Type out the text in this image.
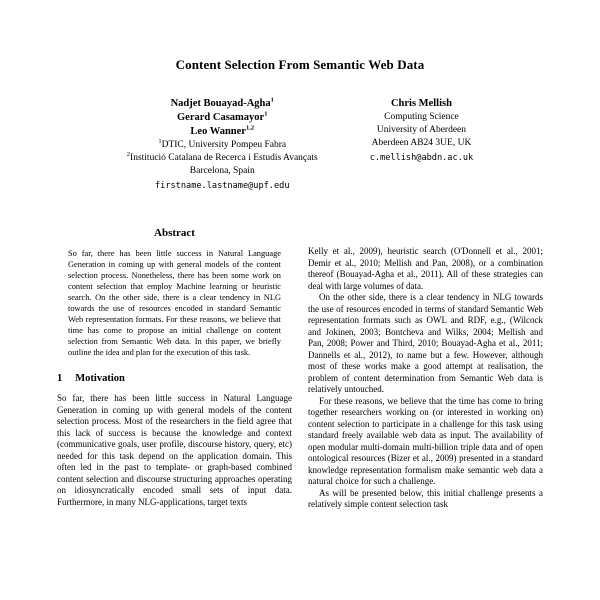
Content Selection From Semantic Web Data
Nadjet Bouayad-Agha$^1$
Gerard Casamayor$^1$
Leo Wanner$^{1,2}$
$^1$DTIC, University Pompeu Fabra
$^2$Institució Catalana de Recerca i Estudis Avançats
Barcelona, Spain
firstname.lastname@upf.edu
Chris Mellish
Computing Science
University of Aberdeen
Aberdeen AB24 3UE, UK
c.mellish@abdn.ac.uk
Abstract
So far, there has been little success in Natural Language Generation in coming up with general models of the content selection process. Nonetheless, there has been some work on content selection that employ Machine learning or heuristic search. On the other side, there is a clear tendency in NLG towards the use of resources encoded in standard Semantic Web representation formats. For these reasons, we believe that time has come to propose an initial challenge on content selection from Semantic Web data. In this paper, we briefly outline the idea and plan for the execution of this task.
1 Motivation

So far, there has been little success in Natural Language Generation in coming up with general models of the content selection process. Most of the researchers in the field agree that this lack of success is because the knowledge and context (communicative goals, user profile, discourse history, query, etc) needed for this task depend on the application domain. This often led in the past to template- or graph-based combined content selection and discourse structuring approaches operating on idiosyncratically encoded small sets of input data. Furthermore, in many NLG-applications, target texts

Kelly et al., 2009), heuristic search (O'Donnell et al., 2001; Demir et al., 2010; Mellish and Pan, 2008), or a combination thereof (Bouayad-Agha et al., 2011). All of these strategies can deal with large volumes of data.

On the other side, there is a clear tendency in NLG towards the use of resources encoded in terms of standard Semantic Web representation formats such as OWL and RDF, e.g., (Wilcock and Jokinen, 2003; Bontcheva and Wilks, 2004; Mellish and Pan, 2008; Power and Third, 2010; Bouayad-Agha et al., 2011; Dannells et al., 2012), to name but a few. However, although most of these works make a good attempt at realisation, the problem of content determination from Semantic Web data is relatively untouched.

For these reasons, we believe that the time has come to bring together researchers working on (or interested in working on) content selection to participate in a challenge for this task using standard freely available web data as input. The availability of open modular multi-domain multi-billion triple data and of open ontological resources (Bizer et al., 2009) presented in a standard knowledge representation formalism make semantic web data a natural choice for such a challenge.

As will be presented below, this initial challenge presents a relatively simple content selection task
